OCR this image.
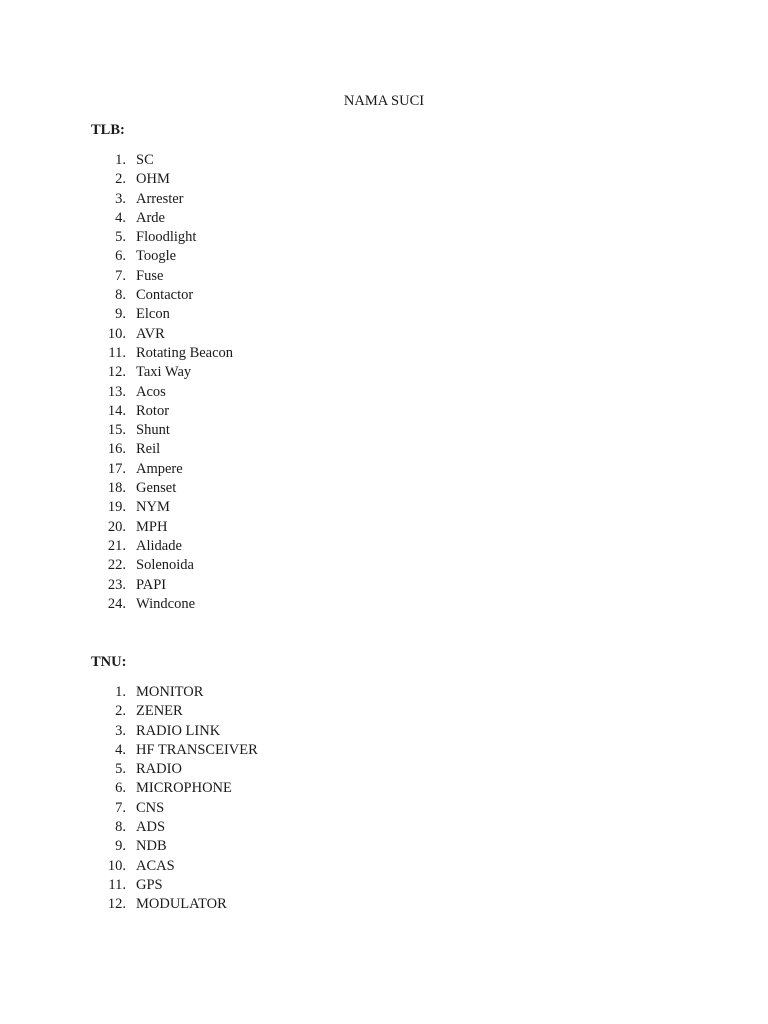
NAMA SUCI
TLB:
1. SC
2. OHM
3. Arrester
4. Arde
5. Floodlight
6. Toogle
7. Fuse
8. Contactor
9. Elcon
10. AVR
11. Rotating Beacon
12. Taxi Way
13. Acos
14. Rotor
15. Shunt
16. Reil
17. Ampere
18. Genset
19. NYM
20. MPH
21. Alidade
22. Solenoida
23. PAPI
24. Windcone
TNU:
1. MONITOR
2. ZENER
3. RADIO LINK
4. HF TRANSCEIVER
5. RADIO
6. MICROPHONE
7. CNS
8. ADS
9. NDB
10. ACAS
11. GPS
12. MODULATOR
